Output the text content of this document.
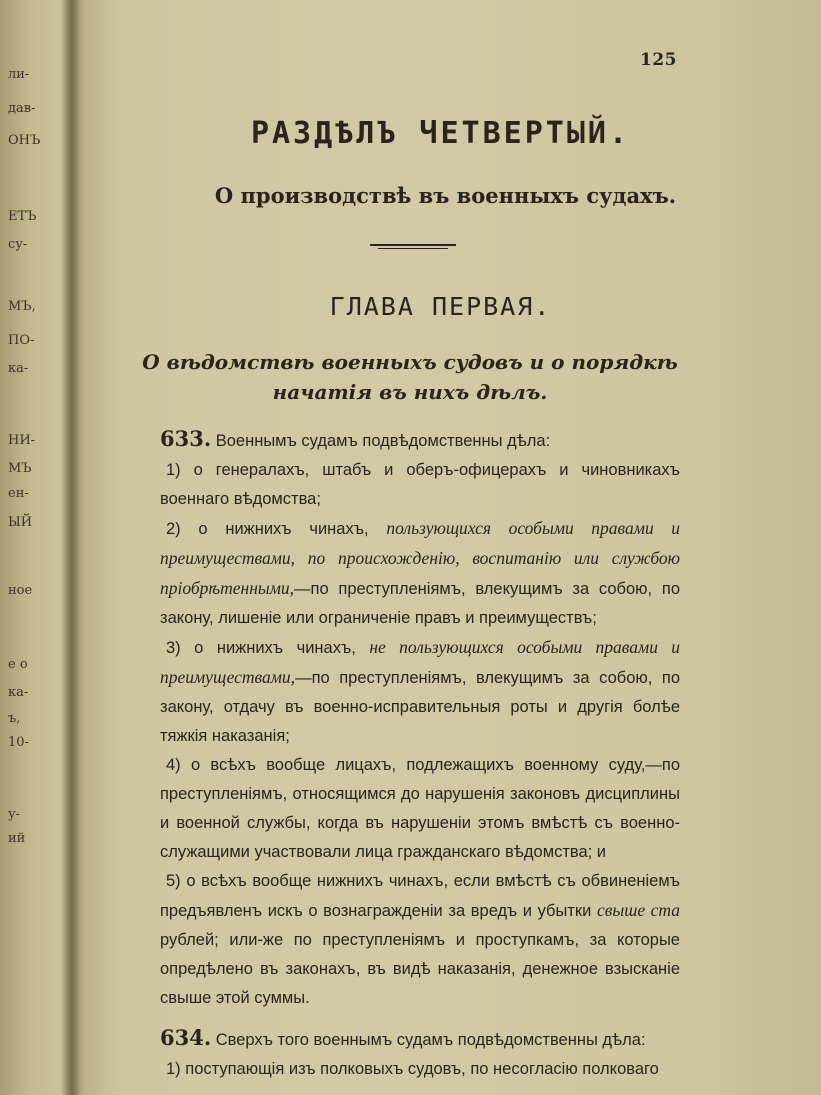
ли-
дав-
ОНЪ
ЕТЪ
су-
МЪ,
ПО-
ка-
НИ-
МЪ
ен-
ЫЙ
ное
е о
ка-
ъ,
10-
у-
ий
125
РАЗДѢЛЪ ЧЕТВЕРТЫЙ.
О производствѣ въ военныхъ судахъ.
ГЛАВА ПЕРВАЯ.
О вѣдомствѣ военныхъ судовъ и о порядкѣ начатія въ нихъ дѣлъ.

633. Военнымъ судамъ подвѣдомственны дѣла:

1) о генералахъ, штабъ и оберъ-офицерахъ и чиновникахъ военнаго вѣдомства;

2) о нижнихъ чинахъ, пользующихся особыми правами и преимуществами, по происхожденію, воспитанію или службою пріобрѣтенными,—по преступленіямъ, влекущимъ за собою, по закону, лишеніе или ограниченіе правъ и преимуществъ;

3) о нижнихъ чинахъ, не пользующихся особыми правами и преимуществами,—по преступленіямъ, влекущимъ за собою, по закону, отдачу въ военно-исправительныя роты и другія болѣе тяжкія наказанія;

4) о всѣхъ вообще лицахъ, подлежащихъ военному суду,—по преступленіямъ, относящимся до нарушенія законовъ дисциплины и военной службы, когда въ нарушеніи этомъ вмѣстѣ съ военно-служащими участвовали лица гражданскаго вѣдомства; и

5) о всѣхъ вообще нижнихъ чинахъ, если вмѣстѣ съ обвиненіемъ предъявленъ искъ о вознагражденіи за вредъ и убытки свыше ста рублей; или-же по преступленіямъ и проступкамъ, за которые опредѣлено въ законахъ, въ видѣ наказанія, денежное взысканіе свыше этой суммы.

634. Сверхъ того военнымъ судамъ подвѣдомственны дѣла:

1) поступающія изъ полковыхъ судовъ, по несогласію полковаго
